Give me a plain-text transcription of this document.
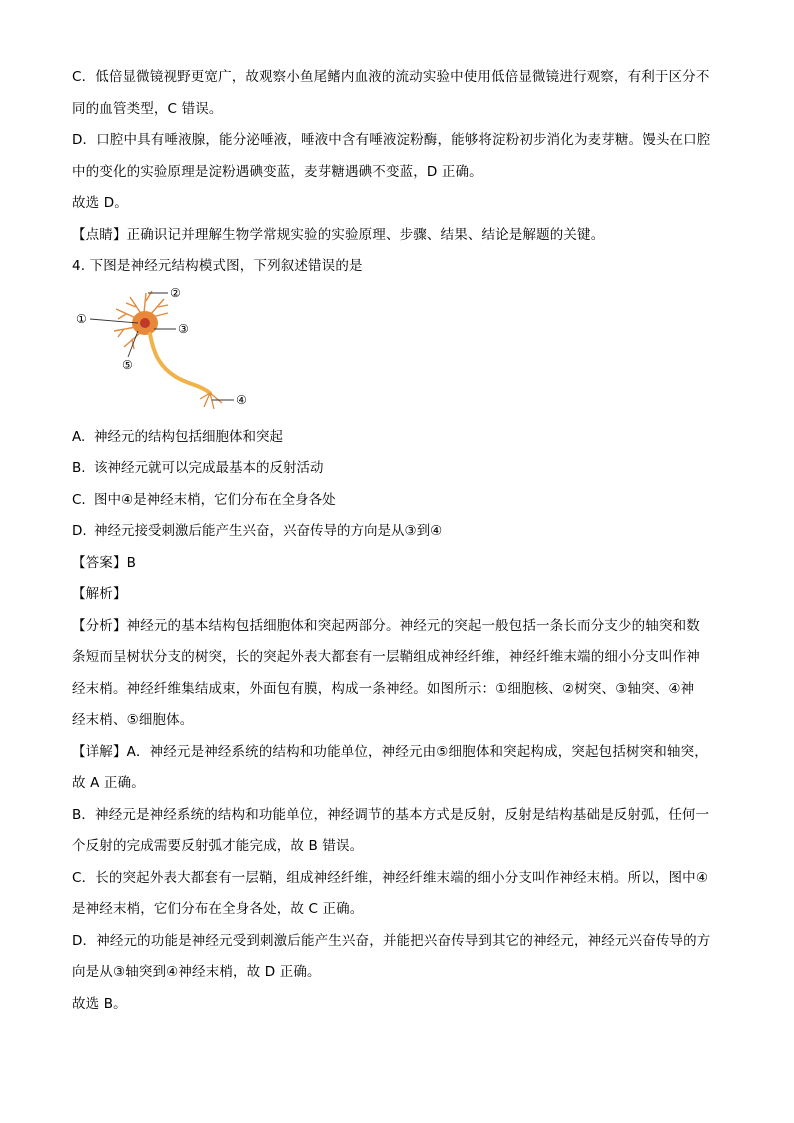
C．低倍显微镜视野更宽广，故观察小鱼尾鳍内血液的流动实验中使用低倍显微镜进行观察，有利于区分不

同的血管类型，C 错误。

D．口腔中具有唾液腺，能分泌唾液，唾液中含有唾液淀粉酶，能够将淀粉初步消化为麦芽糖。馒头在口腔

中的变化的实验原理是淀粉遇碘变蓝，麦芽糖遇碘不变蓝，D 正确。

故选 D。

【点睛】正确识记并理解生物学常规实验的实验原理、步骤、结果、结论是解题的关键。

4. 下图是神经元结构模式图，下列叙述错误的是

①
②
③
④
⑤

A. 神经元的结构包括细胞体和突起

B. 该神经元就可以完成最基本的反射活动

C. 图中④是神经末梢，它们分布在全身各处

D. 神经元接受刺激后能产生兴奋，兴奋传导的方向是从③到④

【答案】B

【解析】

【分析】神经元的基本结构包括细胞体和突起两部分。神经元的突起一般包括一条长而分支少的轴突和数

条短而呈树状分支的树突，长的突起外表大都套有一层鞘组成神经纤维，神经纤维末端的细小分支叫作神

经末梢。神经纤维集结成束，外面包有膜，构成一条神经。如图所示：①细胞核、②树突、③轴突、④神

经末梢、⑤细胞体。

【详解】A．神经元是神经系统的结构和功能单位，神经元由⑤细胞体和突起构成，突起包括树突和轴突，

故 A 正确。

B．神经元是神经系统的结构和功能单位，神经调节的基本方式是反射，反射是结构基础是反射弧，任何一

个反射的完成需要反射弧才能完成，故 B 错误。

C．长的突起外表大都套有一层鞘，组成神经纤维，神经纤维末端的细小分支叫作神经末梢。所以，图中④

是神经末梢，它们分布在全身各处，故 C 正确。

D．神经元的功能是神经元受到刺激后能产生兴奋，并能把兴奋传导到其它的神经元，神经元兴奋传导的方

向是从③轴突到④神经末梢，故 D 正确。

故选 B。
